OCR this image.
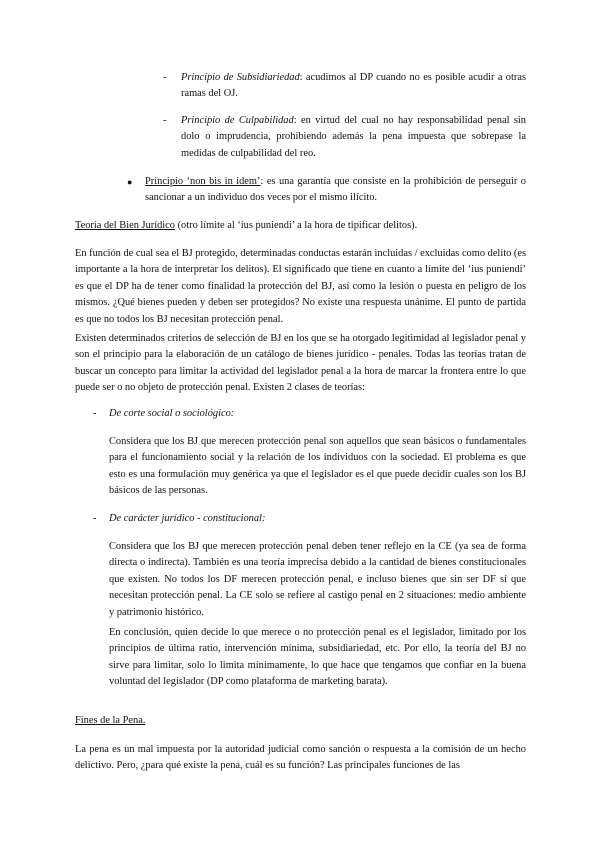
- Principio de Subsidiariedad: acudimos al DP cuando no es posible acudir a otras ramas del OJ.

- Principio de Culpabilidad: en virtud del cual no hay responsabilidad penal sin dolo o imprudencia, prohibiendo además la pena impuesta que sobrepase la medidas de culpabilidad del reo.

● Principio ‘non bis in idem’: es una garantía que consiste en la prohibición de perseguir o sancionar a un individuo dos veces por el mismo ilícito.

Teoría del Bien Jurídico (otro límite al ‘ius puniendi’ a la hora de tipificar delitos).

En función de cual sea el BJ protegido, determinadas conductas estarán incluidas / excluidas como delito (es importante a la hora de interpretar los delitos). El significado que tiene en cuanto a límite del ‘ius puniendi’ es que el DP ha de tener como finalidad la protección del BJ, así como la lesión o puesta en peligro de los mismos. ¿Qué bienes pueden y deben ser protegidos? No existe una respuesta unánime. El punto de partida es que no todos los BJ necesitan protección penal.

Existen determinados criterios de selección de BJ en los que se ha otorgado legitimidad al legislador penal y son el principio para la elaboración de un catálogo de bienes jurídico - penales. Todas las teorías tratan de buscar un concepto para limitar la actividad del legislador penal a la hora de marcar la frontera entre lo que puede ser o no objeto de protección penal. Existen 2 clases de teorías:

- De corte social o sociológico:

Considera que los BJ que merecen protección penal son aquellos que sean básicos o fundamentales para el funcionamiento social y la relación de los individuos con la sociedad. El problema es que esto es una formulación muy genérica ya que el legislador es el que puede decidir cuales son los BJ básicos de las personas.

- De carácter jurídico - constitucional:

Considera que los BJ que merecen protección penal deben tener reflejo en la CE (ya sea de forma directa o indirecta). También es una teoría imprecisa debido a la cantidad de bienes constitucionales que existen. No todos los DF merecen protección penal, e incluso bienes que sin ser DF sí que necesitan protección penal. La CE solo se refiere al castigo penal en 2 situaciones: medio ambiente y patrimonio histórico.

En conclusión, quien decide lo que merece o no protección penal es el legislador, limitado por los principios de última ratio, intervención mínima, subsidiariedad, etc. Por ello, la teoría del BJ no sirve para limitar, solo lo limita mínimamente, lo que hace que tengamos que confiar en la buena voluntad del legislador (DP como plataforma de marketing barata).

Fines de la Pena.

La pena es un mal impuesta por la autoridad judicial como sanción o respuesta a la comisión de un hecho delictivo. Pero, ¿para qué existe la pena, cuál es su función? Las principales funciones de las
